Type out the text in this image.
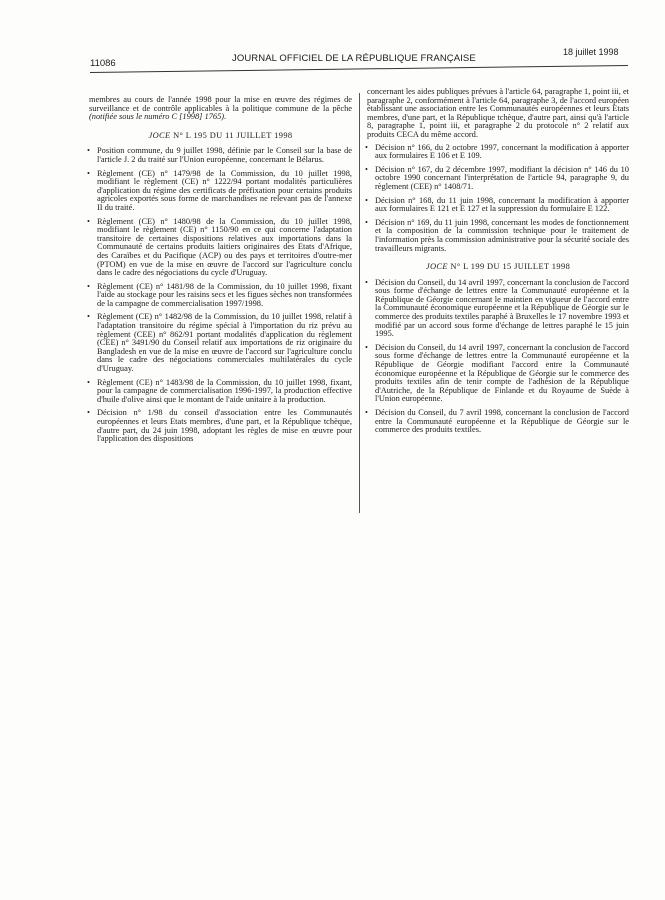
11086	JOURNAL OFFICIEL DE LA RÉPUBLIQUE FRANÇAISE
18 juillet 1998

membres au cours de l'année 1998 pour la mise en œuvre des régimes de surveillance et de contrôle applicables à la politique commune de la pêche (notifiée sous le numéro C [1998] 1765).

JOCE N° L 195 DU 11 JUILLET 1998
• Position commune, du 9 juillet 1998, définie par le Conseil sur la base de l'article J. 2 du traité sur l'Union européenne, concernant le Bélarus.
• Règlement (CE) n° 1479/98 de la Commission, du 10 juillet 1998, modifiant le règlement (CE) n° 1222/94 portant modalités particulières d'application du régime des certificats de préfixation pour certains produits agricoles exportés sous forme de marchandises ne relevant pas de l'annexe II du traité.
• Règlement (CE) n° 1480/98 de la Commission, du 10 juillet 1998, modifiant le règlement (CE) n° 1150/90 en ce qui concerne l'adaptation transitoire de certaines dispositions relatives aux importations dans la Communauté de certains produits laitiers originaires des Etats d'Afrique, des Caraïbes et du Pacifique (ACP) ou des pays et territoires d'outre-mer (PTOM) en vue de la mise en œuvre de l'accord sur l'agriculture conclu dans le cadre des négociations du cycle d'Uruguay.
• Règlement (CE) n° 1481/98 de la Commission, du 10 juillet 1998, fixant l'aide au stockage pour les raisins secs et les figues sèches non transformées de la campagne de commercialisation 1997/1998.
• Règlement (CE) n° 1482/98 de la Commission, du 10 juillet 1998, relatif à l'adaptation transitoire du régime spécial à l'importation du riz prévu au règlement (CEE) n° 862/91 portant modalités d'application du règlement (CEE) n° 3491/90 du Conseil relatif aux importations de riz originaire du Bangladesh en vue de la mise en œuvre de l'accord sur l'agriculture conclu dans le cadre des négociations commerciales multilatérales du cycle d'Uruguay.
• Règlement (CE) n° 1483/98 de la Commission, du 10 juillet 1998, fixant, pour la campagne de commercialisation 1996-1997, la production effective d'huile d'olive ainsi que le montant de l'aide unitaire à la production.
• Décision n° 1/98 du conseil d'association entre les Communautés européennes et leurs Etats membres, d'une part, et la République tchèque, d'autre part, du 24 juin 1998, adoptant les règles de mise en œuvre pour l'application des dispositions

concernant les aides publiques prévues à l'article 64, paragraphe 1, point iii, et paragraphe 2, conformément à l'article 64, paragraphe 3, de l'accord européen établissant une association entre les Communautés européennes et leurs Etats membres, d'une part, et la République tchèque, d'autre part, ainsi qu'à l'article 8, paragraphe 1, point iii, et paragraphe 2 du protocole n° 2 relatif aux produits CECA du même accord.

• Décision n° 166, du 2 octobre 1997, concernant la modification à apporter aux formulaires E 106 et E 109.
• Décision n° 167, du 2 décembre 1997, modifiant la décision n° 146 du 10 octobre 1990 concernant l'interprétation de l'article 94, paragraphe 9, du règlement (CEE) n° 1408/71.
• Décision n° 168, du 11 juin 1998, concernant la modification à apporter aux formulaires E 121 et E 127 et la suppression du formulaire E 122.
• Décision n° 169, du 11 juin 1998, concernant les modes de fonctionnement et la composition de la commission technique pour le traitement de l'information près la commission administrative pour la sécurité sociale des travailleurs migrants.
JOCE N° L 199 DU 15 JUILLET 1998
• Décision du Conseil, du 14 avril 1997, concernant la conclusion de l'accord sous forme d'échange de lettres entre la Communauté européenne et la République de Géorgie concernant le maintien en vigueur de l'accord entre la Communauté économique européenne et la République de Géorgie sur le commerce des produits textiles paraphé à Bruxelles le 17 novembre 1993 et modifié par un accord sous forme d'échange de lettres paraphé le 15 juin 1995.
• Décision du Conseil, du 14 avril 1997, concernant la conclusion de l'accord sous forme d'échange de lettres entre la Communauté européenne et la République de Géorgie modifiant l'accord entre la Communauté économique européenne et la République de Géorgie sur le commerce des produits textiles afin de tenir compte de l'adhésion de la République d'Autriche, de la République de Finlande et du Royaume de Suède à l'Union européenne.
• Décision du Conseil, du 7 avril 1998, concernant la conclusion de l'accord entre la Communauté européenne et la République de Géorgie sur le commerce des produits textiles.
